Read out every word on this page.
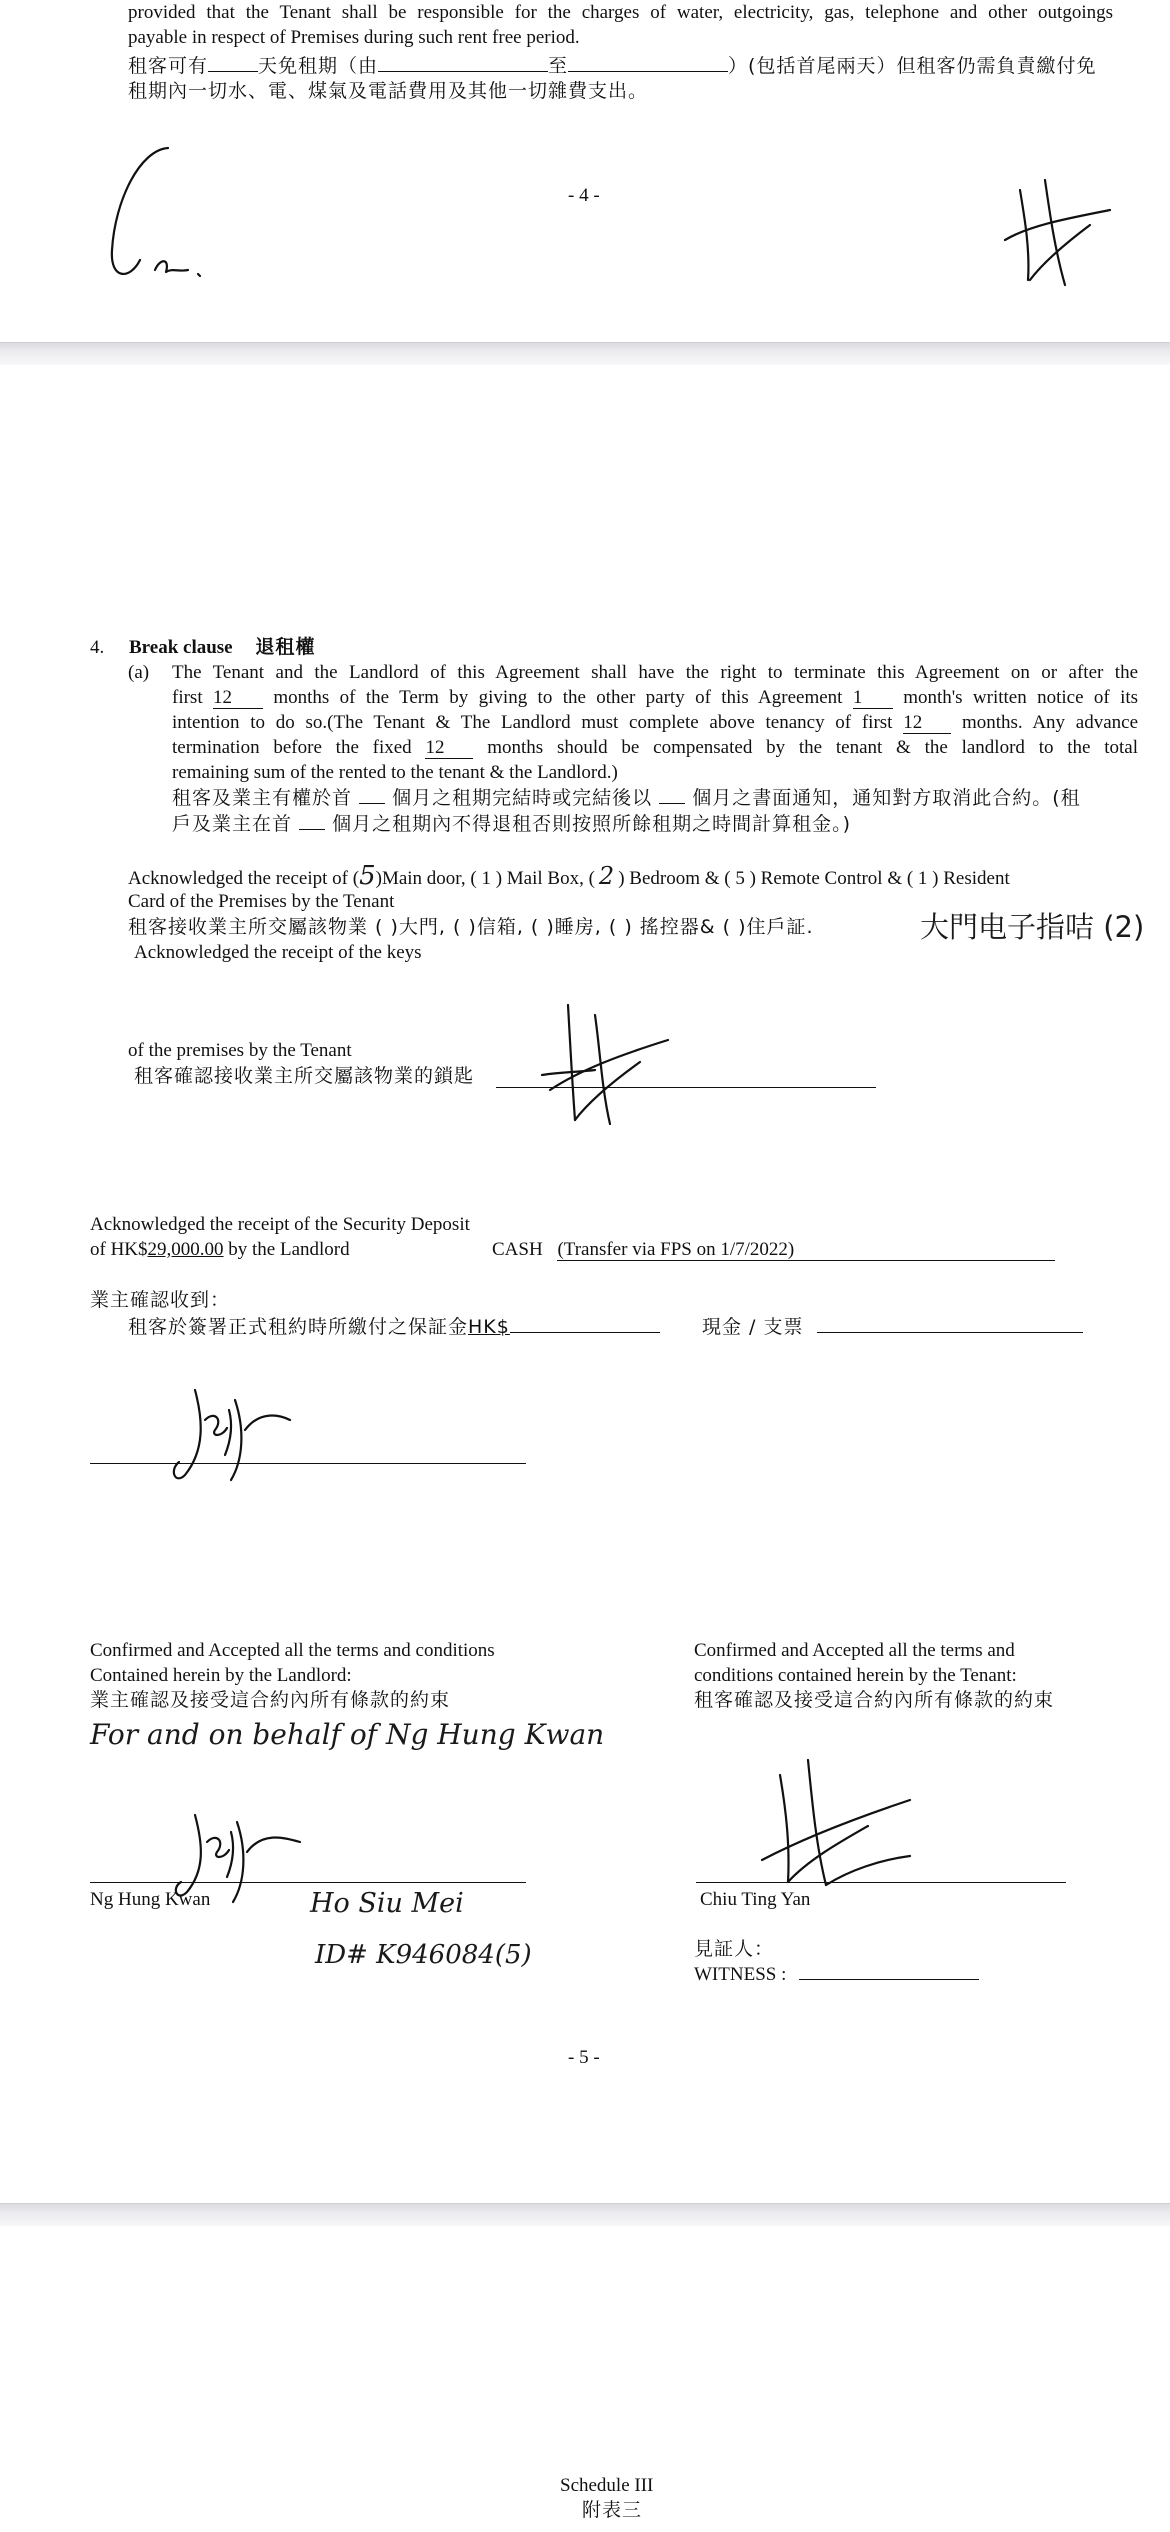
provided that the Tenant shall be responsible for the charges of water, electricity, gas, telephone and other outgoings
payable in respect of Premises during such rent free period.
租客可有	天免租期（由	至	）(包括首尾兩天）但租客仍需負責繳付免
租期內一切水、電、煤氣及電話費用及其他一切雜費支出。
- 4 -
4. Break clause 退租權
(a) The Tenant and the Landlord of this Agreement shall have the right to terminate this Agreement on or after the
first 12 months of the Term by giving to the other party of this Agreement 1 month's written notice of its
intention to do so.(The Tenant & The Landlord must complete above tenancy of first 12 months. Any advance
termination before the fixed 12 months should be compensated by the tenant & the landlord to the total
remaining sum of the rented to the tenant & the Landlord.)
租客及業主有權於首 個月之租期完結時或完結後以 個月之書面通知，通知對方取消此合約。(租
戶及業主在首 個月之租期內不得退租否則按照所餘租期之時間計算租金。)
Acknowledged the receipt of (5)Main door, ( 1 ) Mail Box, ( 2 ) Bedroom & ( 5 ) Remote Control & ( 1 ) Resident
Card of the Premises by the Tenant
租客接收業主所交屬該物業 ( )大門, ( )信箱, ( )睡房, ( ) 搖控器& ( )住戶証.	大門电子指咭 (2)
Acknowledged the receipt of the keys
of the premises by the Tenant
租客確認接收業主所交屬該物業的鎖匙
Acknowledged the receipt of the Security Deposit
of HK$29,000.00 by the Landlord	CASH (Transfer via FPS on 1/7/2022)
業主確認收到：
租客於簽署正式租約時所繳付之保証金HK$	現金 / 支票
Confirmed and Accepted all the terms and conditions
Contained herein by the Landlord:
業主確認及接受這合約內所有條款的約束
Confirmed and Accepted all the terms and
conditions contained herein by the Tenant:
租客確認及接受這合約內所有條款的約束
For and on behalf of Ng Hung Kwan
Ng Hung Kwan	Ho Siu Mei
ID# K946084(5)
Chiu Ting Yan
見証人：
WITNESS :
- 5 -
Schedule III
附表三
